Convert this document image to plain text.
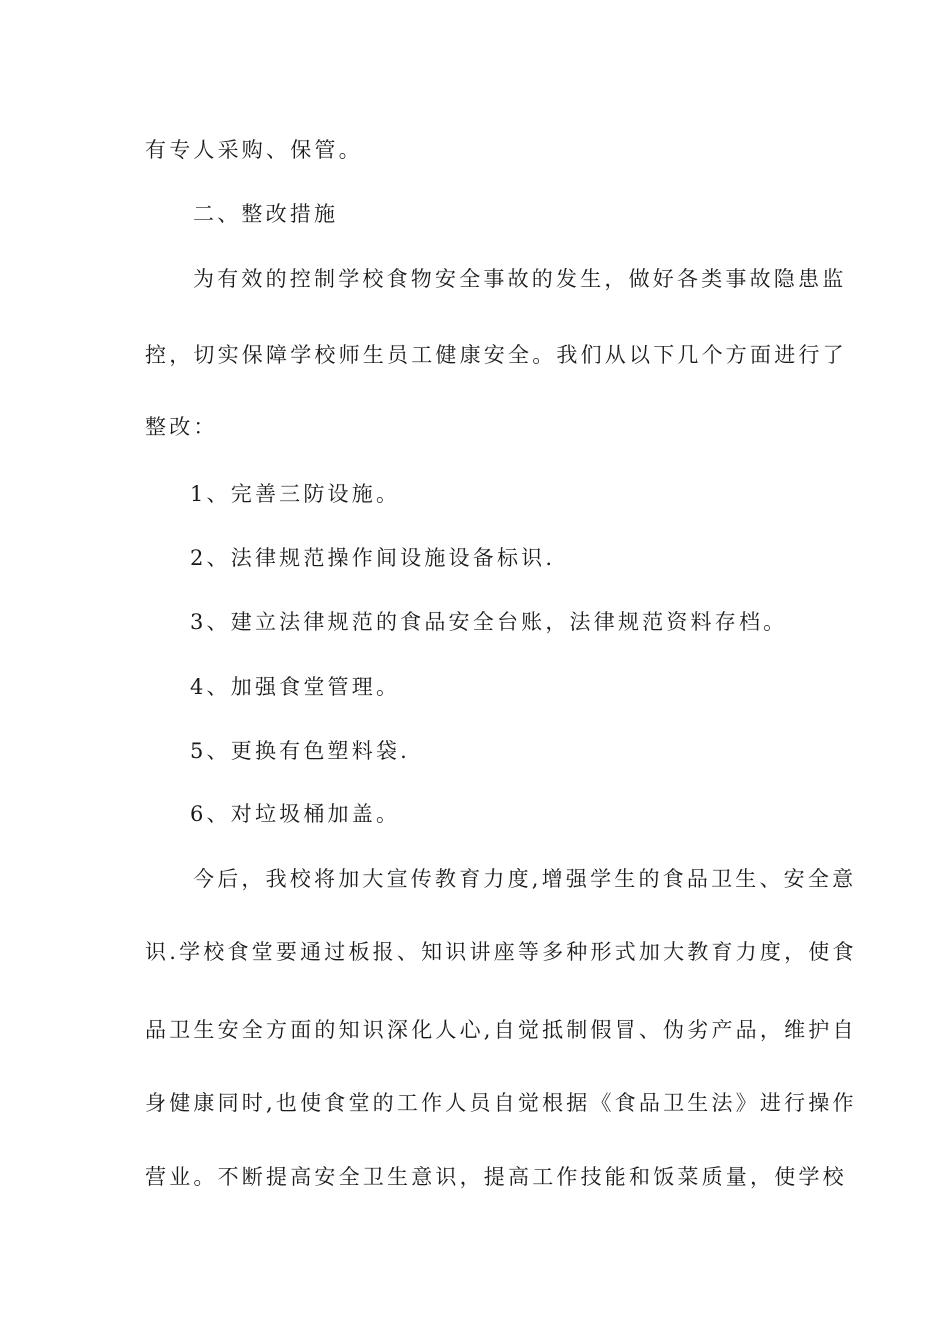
有专人采购、保管。
二、整改措施
为有效的控制学校食物安全事故的发生，做好各类事故隐患监
控，切实保障学校师生员工健康安全。我们从以下几个方面进行了
整改：
1、完善三防设施。
2、法律规范操作间设施设备标识.
3、建立法律规范的食品安全台账，法律规范资料存档。
4、加强食堂管理。
5、更换有色塑料袋.
6、对垃圾桶加盖。
今后，我校将加大宣传教育力度,增强学生的食品卫生、安全意
识.学校食堂要通过板报、知识讲座等多种形式加大教育力度，使食
品卫生安全方面的知识深化人心,自觉抵制假冒、伪劣产品，维护自
身健康同时,也使食堂的工作人员自觉根据《食品卫生法》进行操作
营业。不断提高安全卫生意识，提高工作技能和饭菜质量，使学校
